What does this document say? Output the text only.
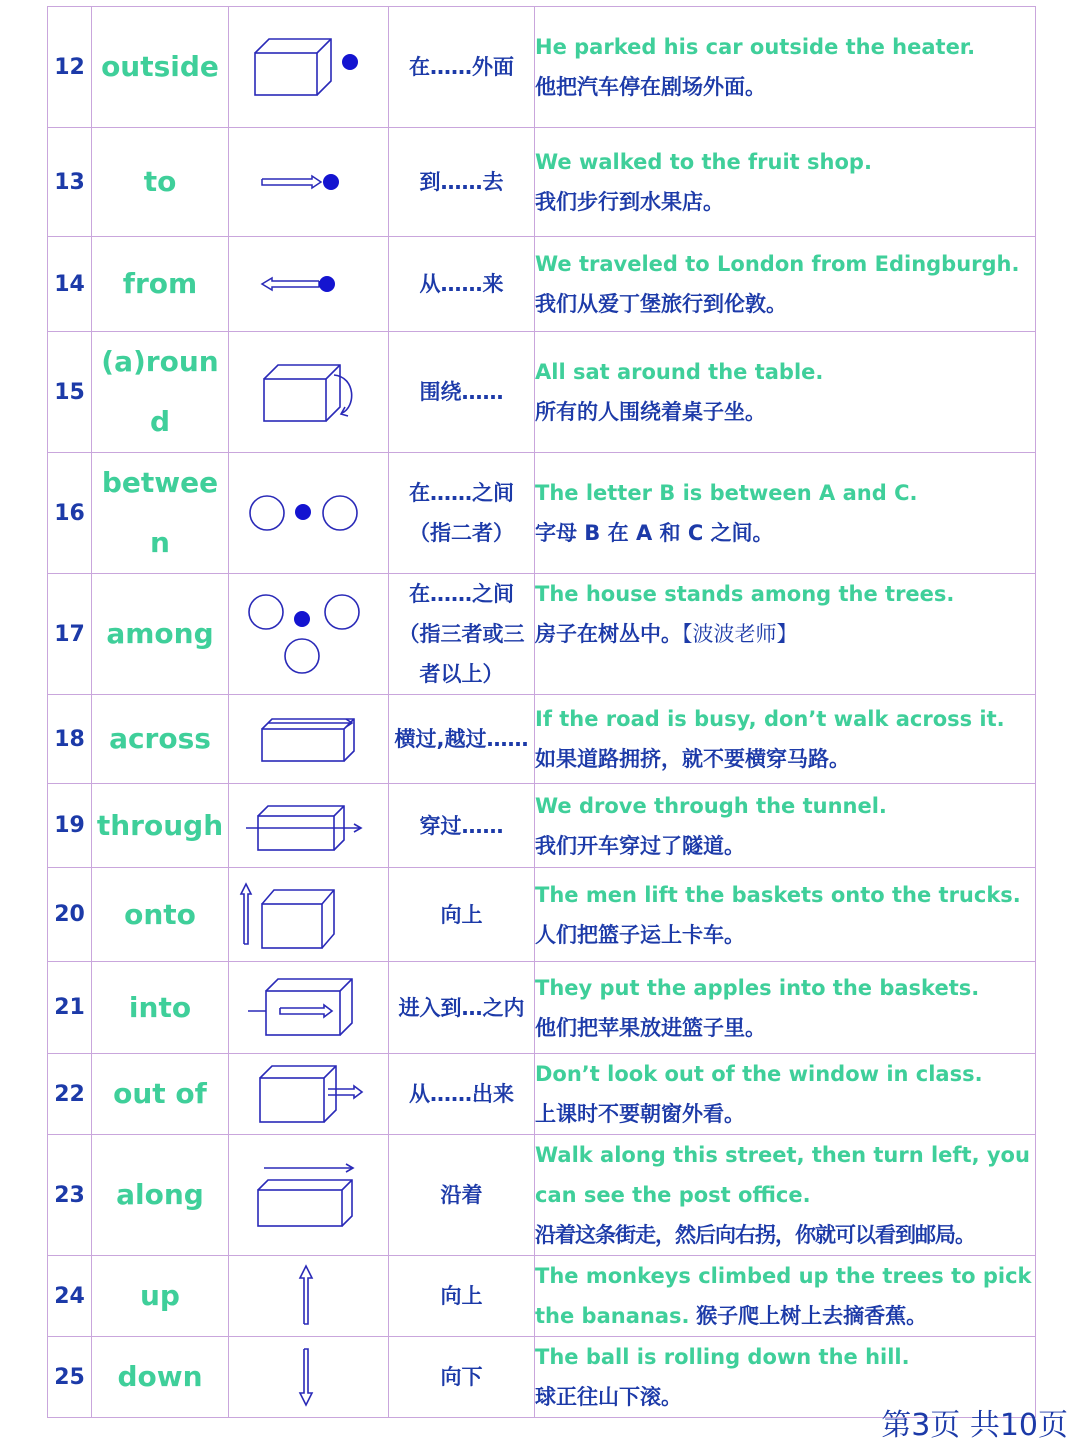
12	outside		在……外面	He parked his car outside the heater.
他把汽车停在剧场外面。

13	to		到……去	We walked to the fruit shop.
我们步行到水果店。

14	from		从……来	We traveled to London from Edingburgh.
我们从爱丁堡旅行到伦敦。

15	(a)round		围绕……	All sat around the table.
所有的人围绕着桌子坐。

16	between		在……之间（指二者）	The letter B is between A and C.
字母 B 在 A 和 C 之间。

17	among		在……之间（指三者或三者以上）	The house stands among the trees.
房子在树丛中。【波波老师】

18	across		横过,越过……	If the road is busy, don’t walk across it.
如果道路拥挤，就不要横穿马路。

19	through		穿过……	We drove through the tunnel.
我们开车穿过了隧道。

20	onto		向上	The men lift the baskets onto the trucks.
人们把篮子运上卡车。

21	into		进入到…之内	They put the apples into the baskets.
他们把苹果放进篮子里。

22	out of		从……出来	Don’t look out of the window in class.
上课时不要朝窗外看。

23	along		沿着	Walk along this street, then turn left, you can see the post office.
沿着这条街走，然后向右拐，你就可以看到邮局。

24	up		向上	The monkeys climbed up the trees to pick the bananas. 猴子爬上树上去摘香蕉。
25	down		向下	The ball is rolling down the hill.
球正往山下滚。
第3页 共10页
